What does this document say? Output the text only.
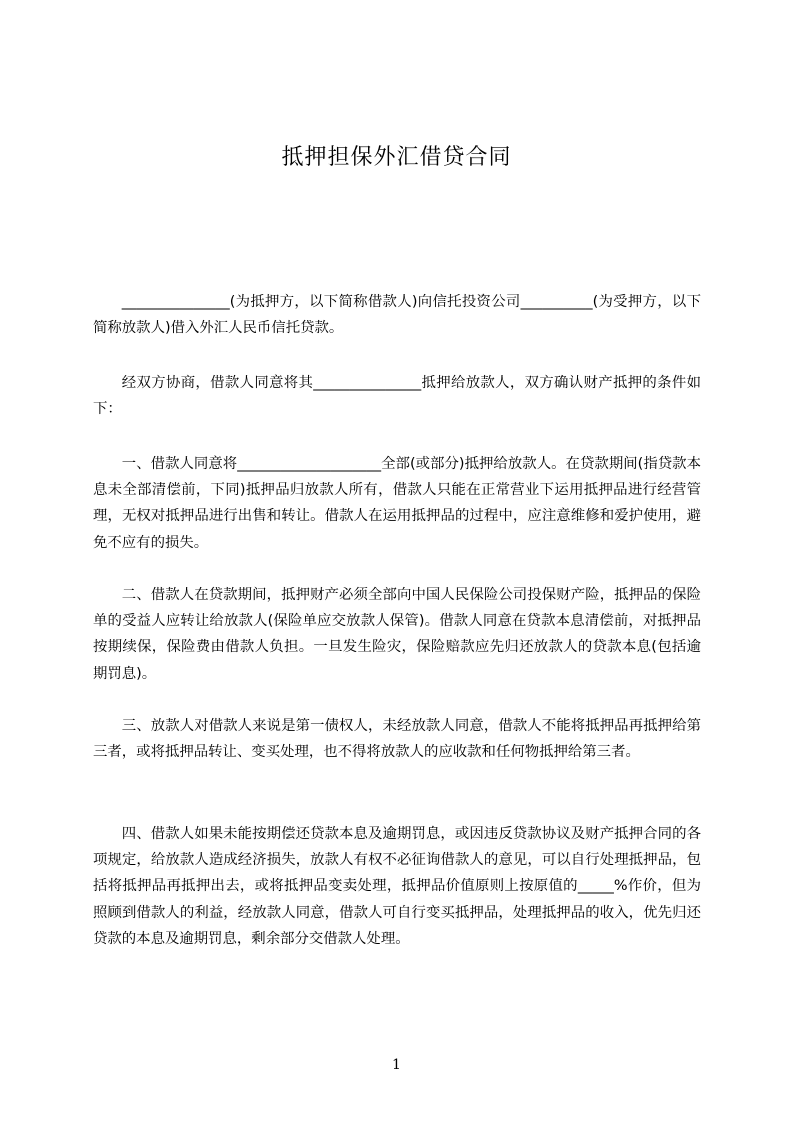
抵押担保外汇借贷合同

_______________(为抵押方，以下简称借款人)向信托投资公司__________(为受押方，以下简称放款人)借入外汇人民币信托贷款。

经双方协商，借款人同意将其_______________抵押给放款人，双方确认财产抵押的条件如下：

一、借款人同意将____________________全部(或部分)抵押给放款人。在贷款期间(指贷款本息未全部清偿前，下同)抵押品归放款人所有，借款人只能在正常营业下运用抵押品进行经营管理，无权对抵押品进行出售和转让。借款人在运用抵押品的过程中，应注意维修和爱护使用，避免不应有的损失。

二、借款人在贷款期间，抵押财产必须全部向中国人民保险公司投保财产险，抵押品的保险单的受益人应转让给放款人(保险单应交放款人保管)。借款人同意在贷款本息清偿前，对抵押品按期续保，保险费由借款人负担。一旦发生险灾，保险赔款应先归还放款人的贷款本息(包括逾期罚息)。

三、放款人对借款人来说是第一债权人，未经放款人同意，借款人不能将抵押品再抵押给第三者，或将抵押品转让、变买处理，也不得将放款人的应收款和任何物抵押给第三者。

四、借款人如果未能按期偿还贷款本息及逾期罚息，或因违反贷款协议及财产抵押合同的各项规定，给放款人造成经济损失，放款人有权不必征询借款人的意见，可以自行处理抵押品，包括将抵押品再抵押出去，或将抵押品变卖处理，抵押品价值原则上按原值的_____%作价，但为照顾到借款人的利益，经放款人同意，借款人可自行变买抵押品，处理抵押品的收入，优先归还贷款的本息及逾期罚息，剩余部分交借款人处理。

1
